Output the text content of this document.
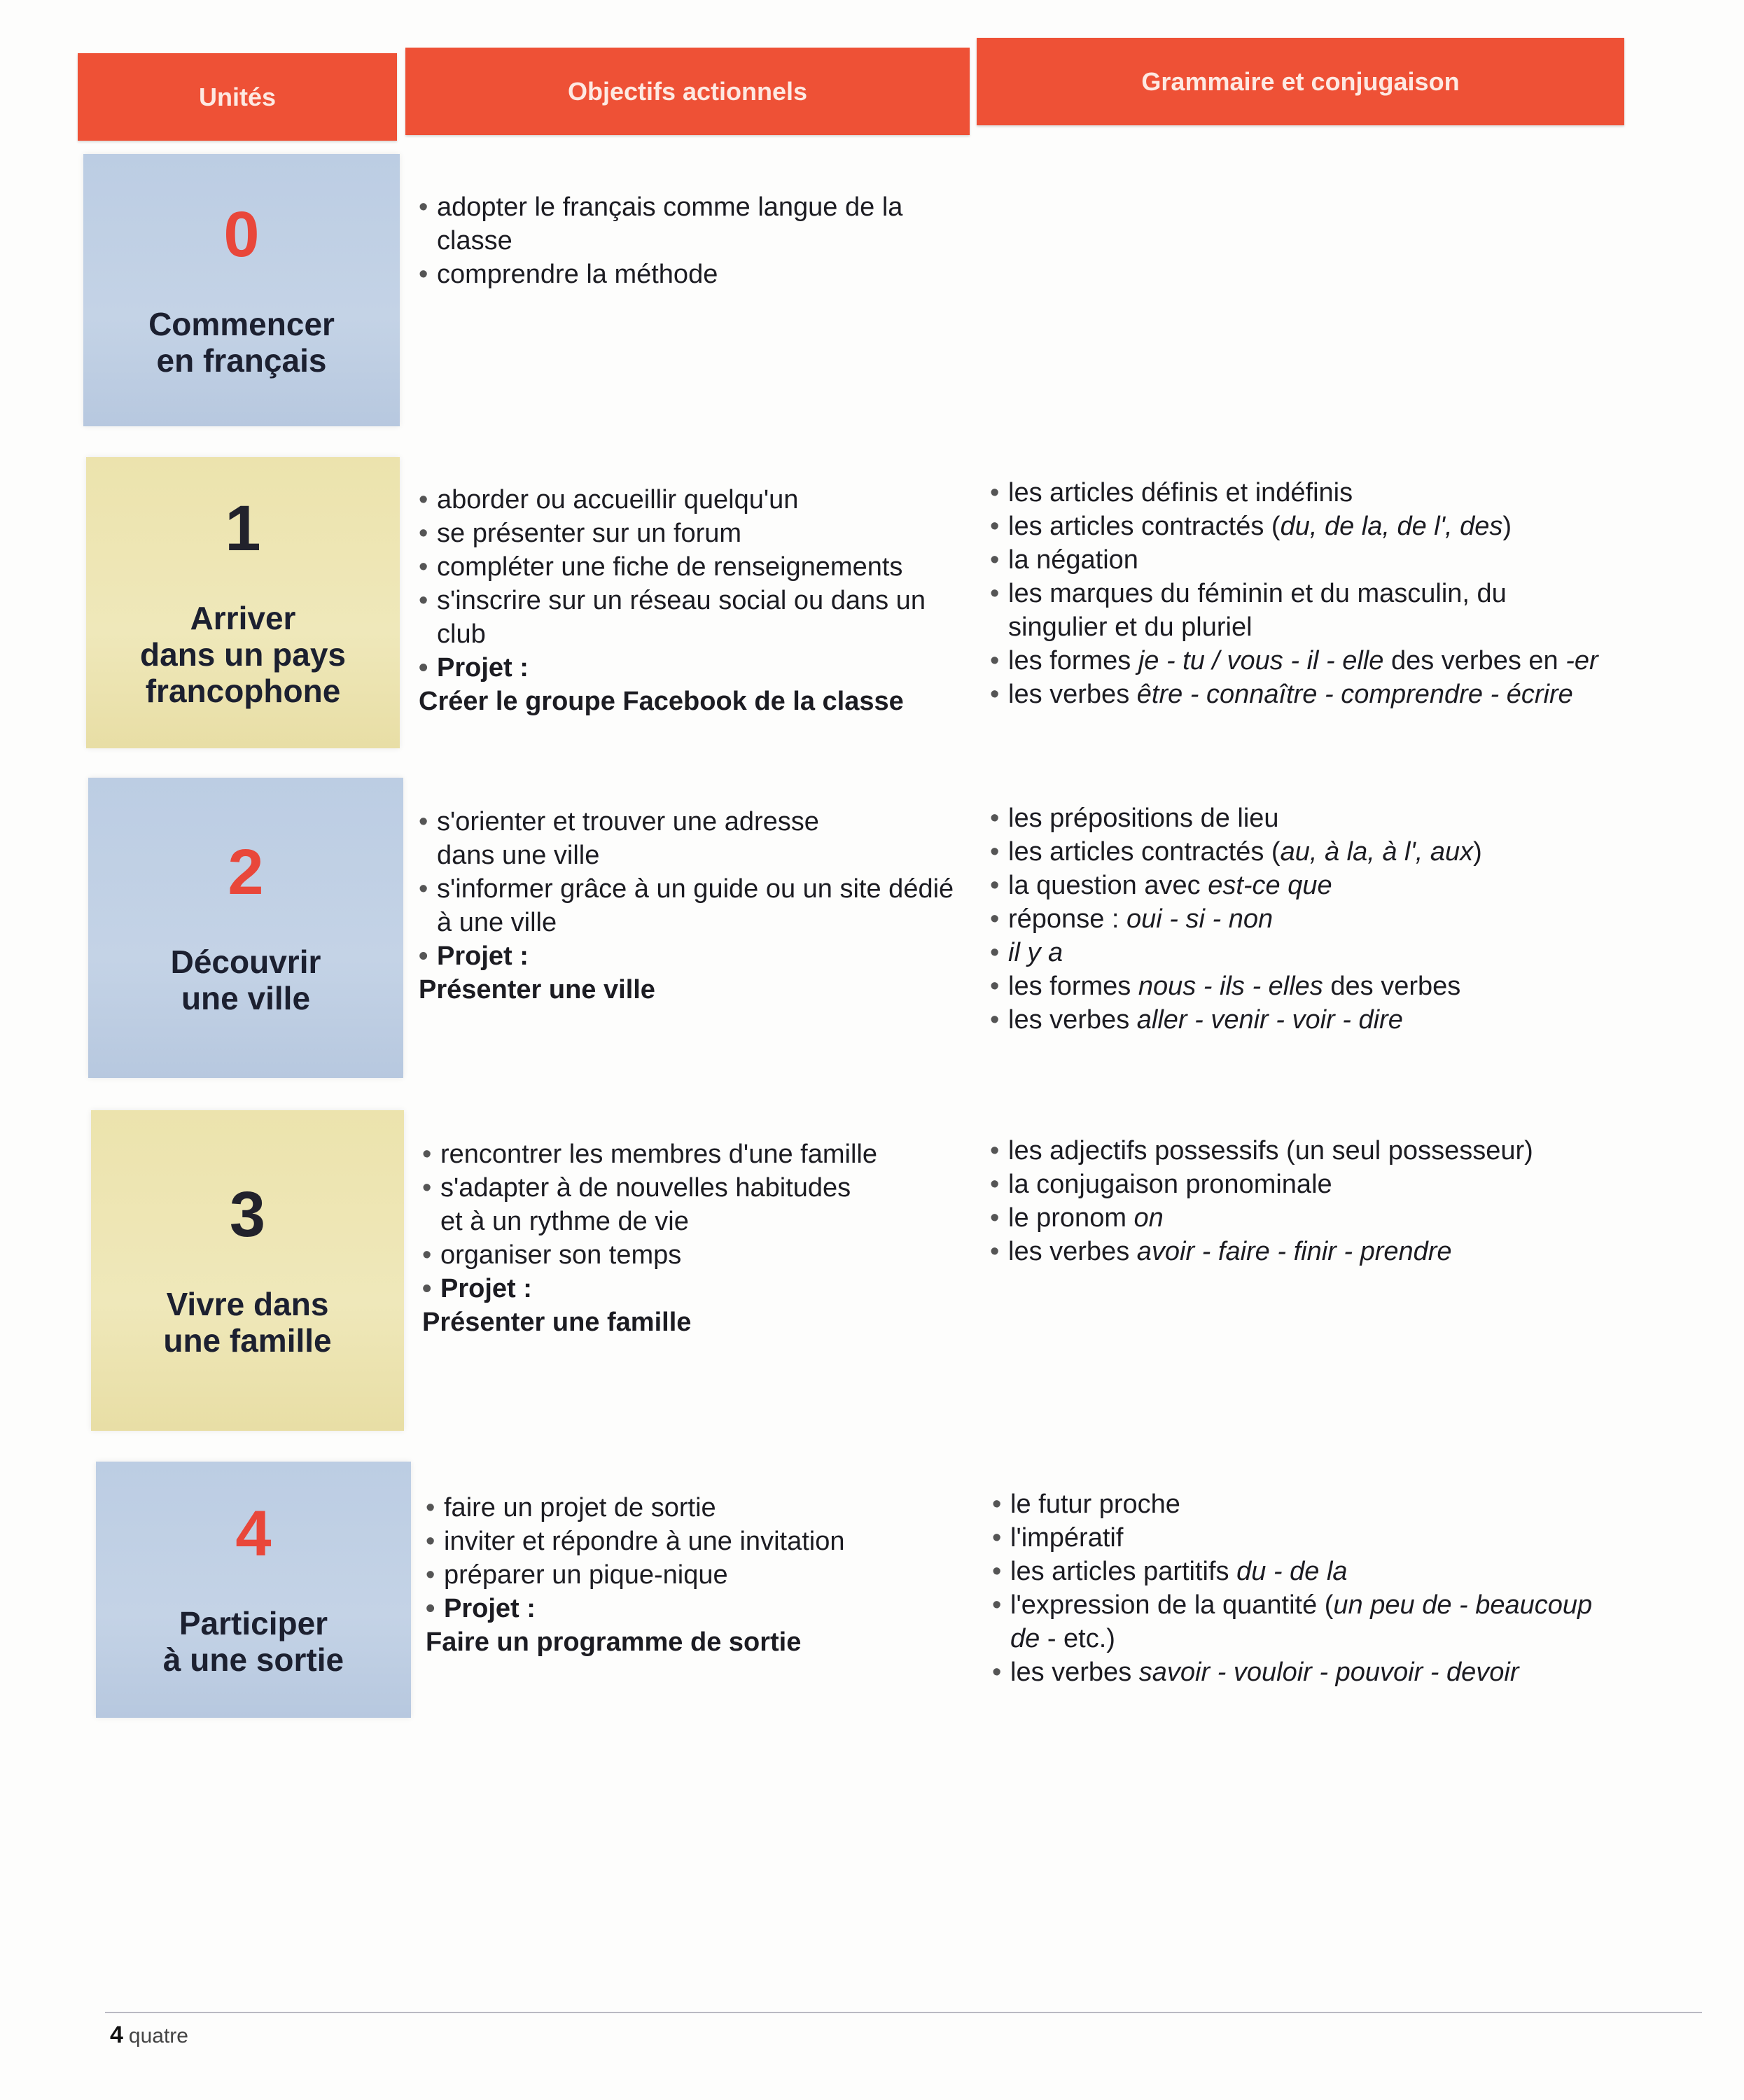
Unités	Objectifs actionnels	Grammaire et conjugaison
0
Commencer
en français
• adopter le français comme langue de la classe
• comprendre la méthode
1
Arriver
dans un pays
francophone
• aborder ou accueillir quelqu'un
• se présenter sur un forum
• compléter une fiche de renseignements
• s'inscrire sur un réseau social ou dans un club
• Projet :
Créer le groupe Facebook de la classe
• les articles définis et indéfinis
• les articles contractés (du, de la, de l', des)
• la négation
• les marques du féminin et du masculin, du singulier et du pluriel
• les formes je - tu / vous - il - elle des verbes en -er
• les verbes être - connaître - comprendre - écrire
2
Découvrir
une ville
• s'orienter et trouver une adresse
dans une ville
• s'informer grâce à un guide ou un site dédié
à une ville
• Projet :
Présenter une ville
• les prépositions de lieu
• les articles contractés (au, à la, à l', aux)
• la question avec est-ce que
• réponse : oui - si - non
• il y a
• les formes nous - ils - elles des verbes
• les verbes aller - venir - voir - dire
3
Vivre dans
une famille
• rencontrer les membres d'une famille
• s'adapter à de nouvelles habitudes
et à un rythme de vie
• organiser son temps
• Projet :
Présenter une famille
• les adjectifs possessifs (un seul possesseur)
• la conjugaison pronominale
• le pronom on
• les verbes avoir - faire - finir - prendre
4
Participer
à une sortie
• faire un projet de sortie
• inviter et répondre à une invitation
• préparer un pique-nique
• Projet :
Faire un programme de sortie
• le futur proche
• l'impératif
• les articles partitifs du - de la
• l'expression de la quantité (un peu de - beaucoup de - etc.)
• les verbes savoir - vouloir - pouvoir - devoir
4 quatre
